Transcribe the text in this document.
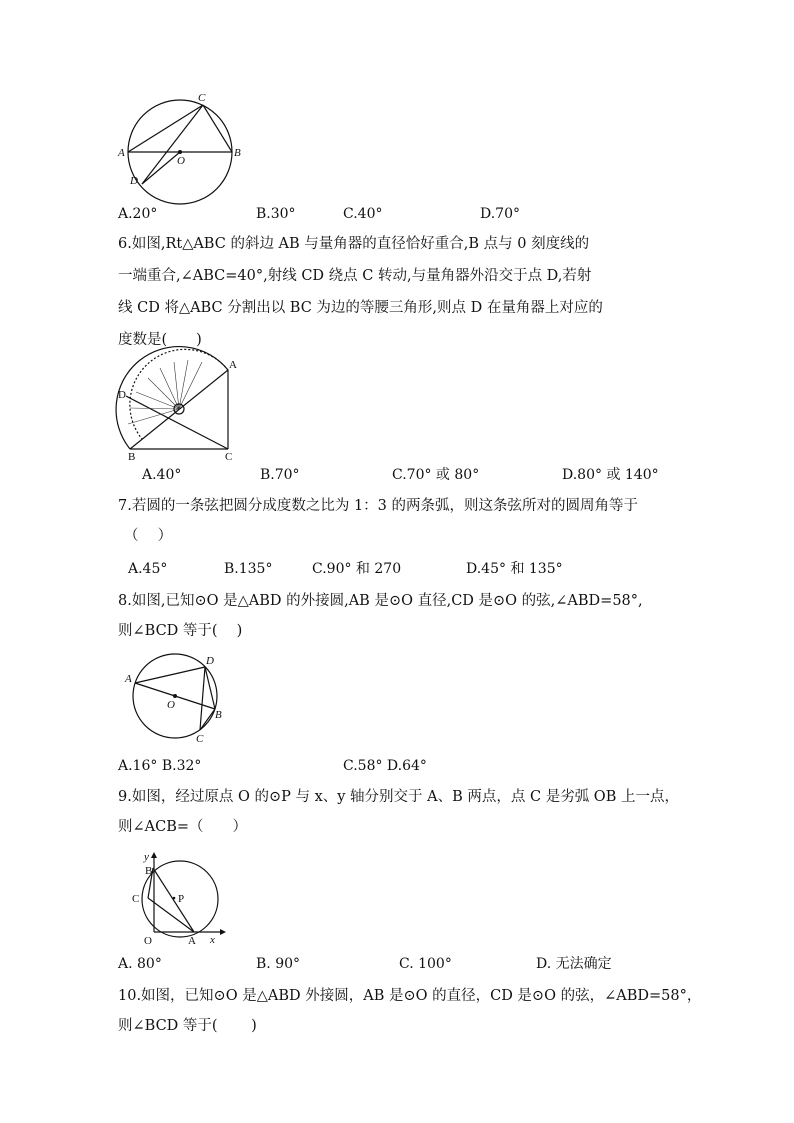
A	B
C
D
O
A.20°	B.30°	C.40°	D.70°
6.如图,Rt△ABC 的斜边 AB 与量角器的直径恰好重合,B 点与 0 刻度线的
一端重合,∠ABC=40°,射线 CD 绕点 C 转动,与量角器外沿交于点 D,若射
线 CD 将△ABC 分割出以 BC 为边的等腰三角形,则点 D 在量角器上对应的
度数是(　　)
A
B	C
D
A.40°	B.70°	C.70° 或 80°	D.80° 或 140°
7.若圆的一条弦把圆分成度数之比为 1：3 的两条弧，则这条弦所对的圆周角等于
（　 ）
A.45°	B.135°	C.90° 和 270	D.45° 和 135°
8.如图,已知⊙O 是△ABD 的外接圆,AB 是⊙O 直径,CD 是⊙O 的弦,∠ABD=58°,
则∠BCD 等于(　 )
A
B
C
D
O
A.16° B.32°	C.58° D.64°
9.如图，经过原点 O 的⊙P 与 x、y 轴分别交于 A、B 两点，点 C 是劣弧 OB 上一点，
则∠ACB=（　　）
y
x
B
C	P
O	A
A. 80°	B. 90°	C. 100°	D. 无法确定
10.如图，已知⊙O 是△ABD 外接圆，AB 是⊙O 的直径，CD 是⊙O 的弦，∠ABD=58°，
则∠BCD 等于(　　 )
